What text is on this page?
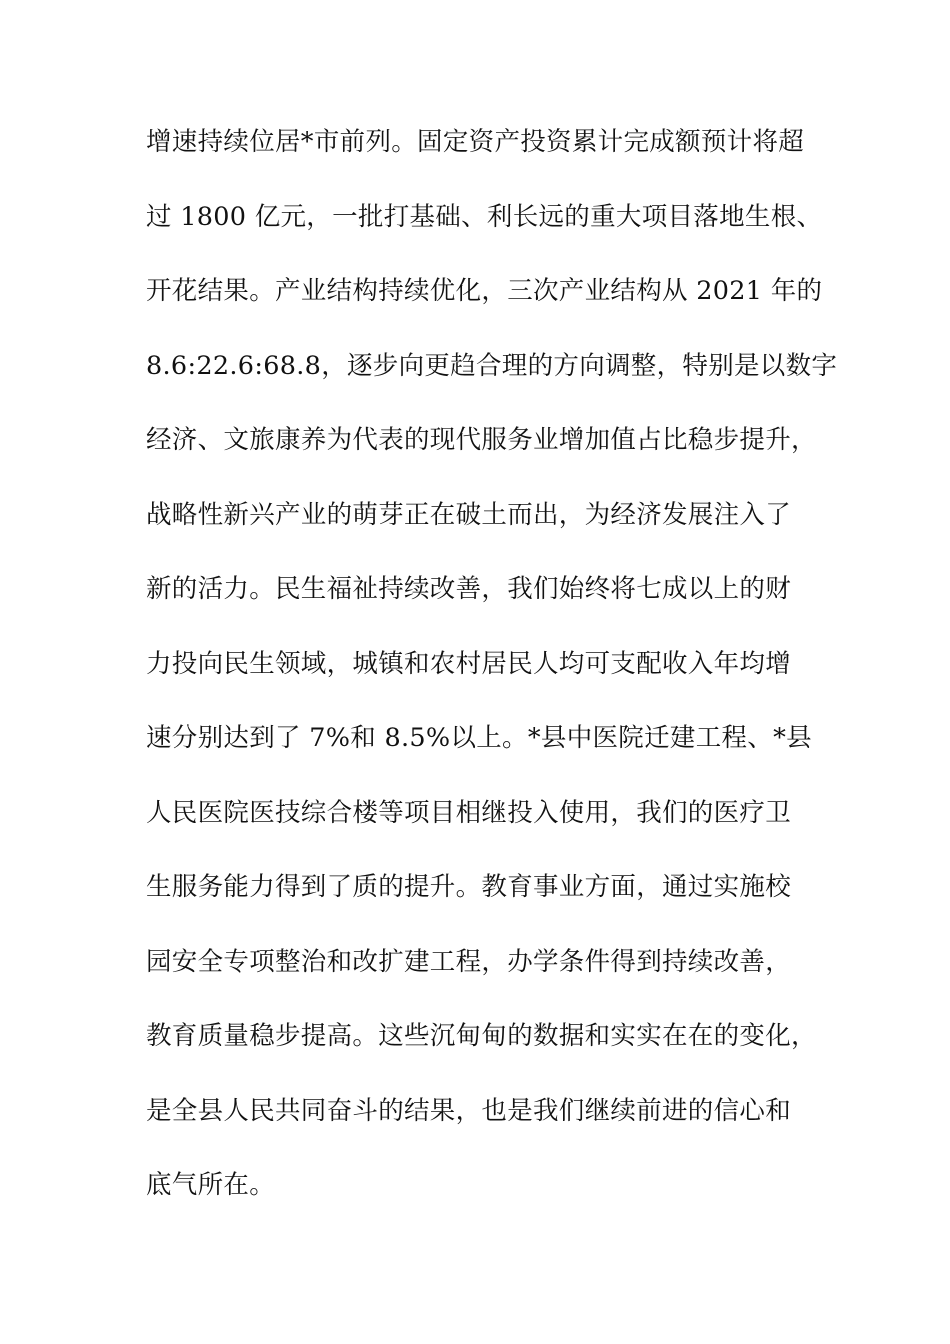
增速持续位居*市前列。固定资产投资累计完成额预计将超
过 1800 亿元，一批打基础、利长远的重大项目落地生根、
开花结果。产业结构持续优化，三次产业结构从 2021 年的
8.6:22.6:68.8，逐步向更趋合理的方向调整，特别是以数字
经济、文旅康养为代表的现代服务业增加值占比稳步提升，
战略性新兴产业的萌芽正在破土而出，为经济发展注入了
新的活力。民生福祉持续改善，我们始终将七成以上的财
力投向民生领域，城镇和农村居民人均可支配收入年均增
速分别达到了 7%和 8.5%以上。*县中医院迁建工程、*县
人民医院医技综合楼等项目相继投入使用，我们的医疗卫
生服务能力得到了质的提升。教育事业方面，通过实施校
园安全专项整治和改扩建工程，办学条件得到持续改善，
教育质量稳步提高。这些沉甸甸的数据和实实在在的变化，
是全县人民共同奋斗的结果，也是我们继续前进的信心和
底气所在。
